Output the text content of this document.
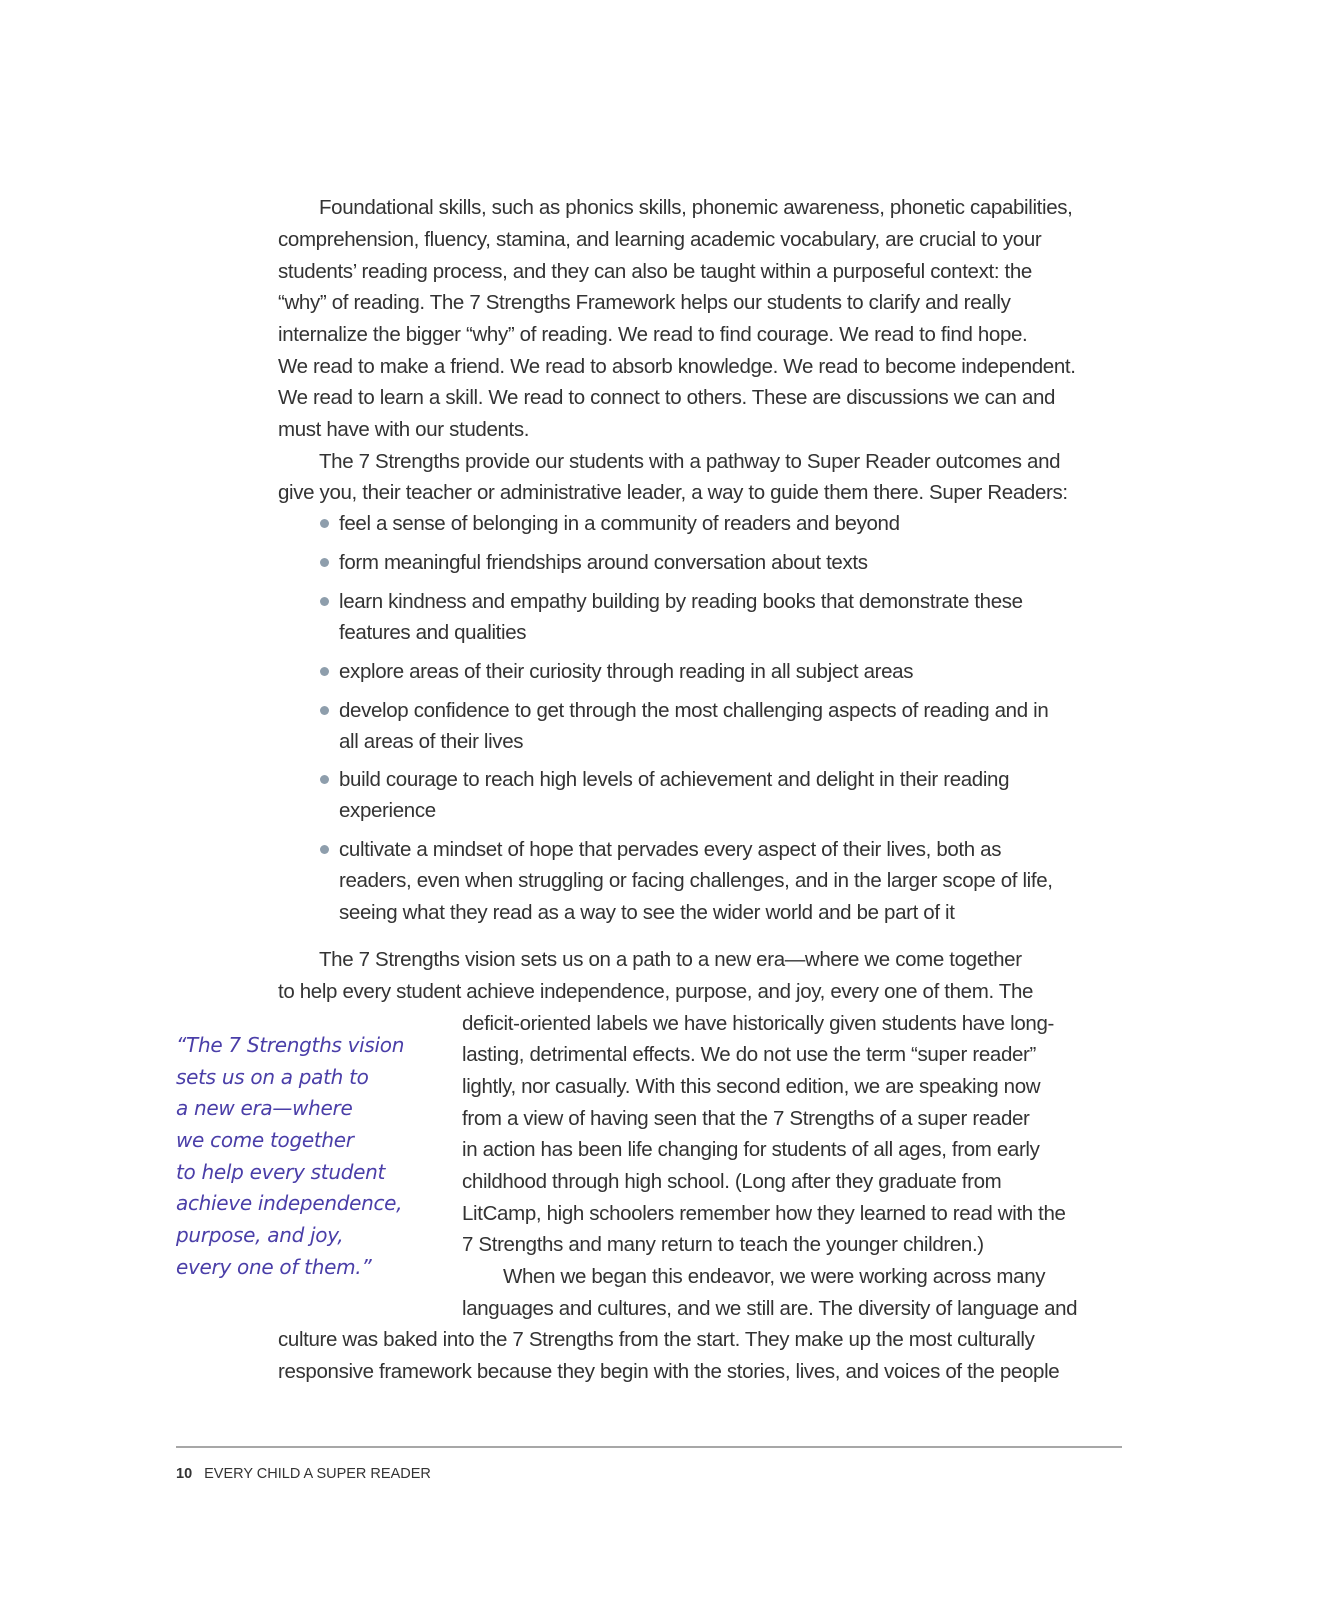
Foundational skills, such as phonics skills, phonemic awareness, phonetic capabilities,
comprehension, fluency, stamina, and learning academic vocabulary, are crucial to your
students’ reading process, and they can also be taught within a purposeful context: the
“why” of reading. The 7 Strengths Framework helps our students to clarify and really
internalize the bigger “why” of reading. We read to find courage. We read to find hope.
We read to make a friend. We read to absorb knowledge. We read to become independent.
We read to learn a skill. We read to connect to others. These are discussions we can and
must have with our students.
The 7 Strengths provide our students with a pathway to Super Reader outcomes and
give you, their teacher or administrative leader, a way to guide them there. Super Readers:
feel a sense of belonging in a community of readers and beyond
form meaningful friendships around conversation about texts
learn kindness and empathy building by reading books that demonstrate these
features and qualities
explore areas of their curiosity through reading in all subject areas
develop confidence to get through the most challenging aspects of reading and in
all areas of their lives
build courage to reach high levels of achievement and delight in their reading
experience
cultivate a mindset of hope that pervades every aspect of their lives, both as
readers, even when struggling or facing challenges, and in the larger scope of life,
seeing what they read as a way to see the wider world and be part of it
The 7 Strengths vision sets us on a path to a new era—where we come together
to help every student achieve independence, purpose, and joy, every one of them. The
deficit-oriented labels we have historically given students have long-
lasting, detrimental effects. We do not use the term “super reader”
lightly, nor casually. With this second edition, we are speaking now
from a view of having seen that the 7 Strengths of a super reader
in action has been life changing for students of all ages, from early
childhood through high school. (Long after they graduate from
LitCamp, high schoolers remember how they learned to read with the
7 Strengths and many return to teach the younger children.)
When we began this endeavor, we were working across many
languages and cultures, and we still are. The diversity of language and
culture was baked into the 7 Strengths from the start. They make up the most culturally
responsive framework because they begin with the stories, lives, and voices of the people
“The 7 Strengths vision
sets us on a path to
a new era—where
we come together
to help every student
achieve independence,
purpose, and joy,
every one of them.”
10 EVERY CHILD A SUPER READER
